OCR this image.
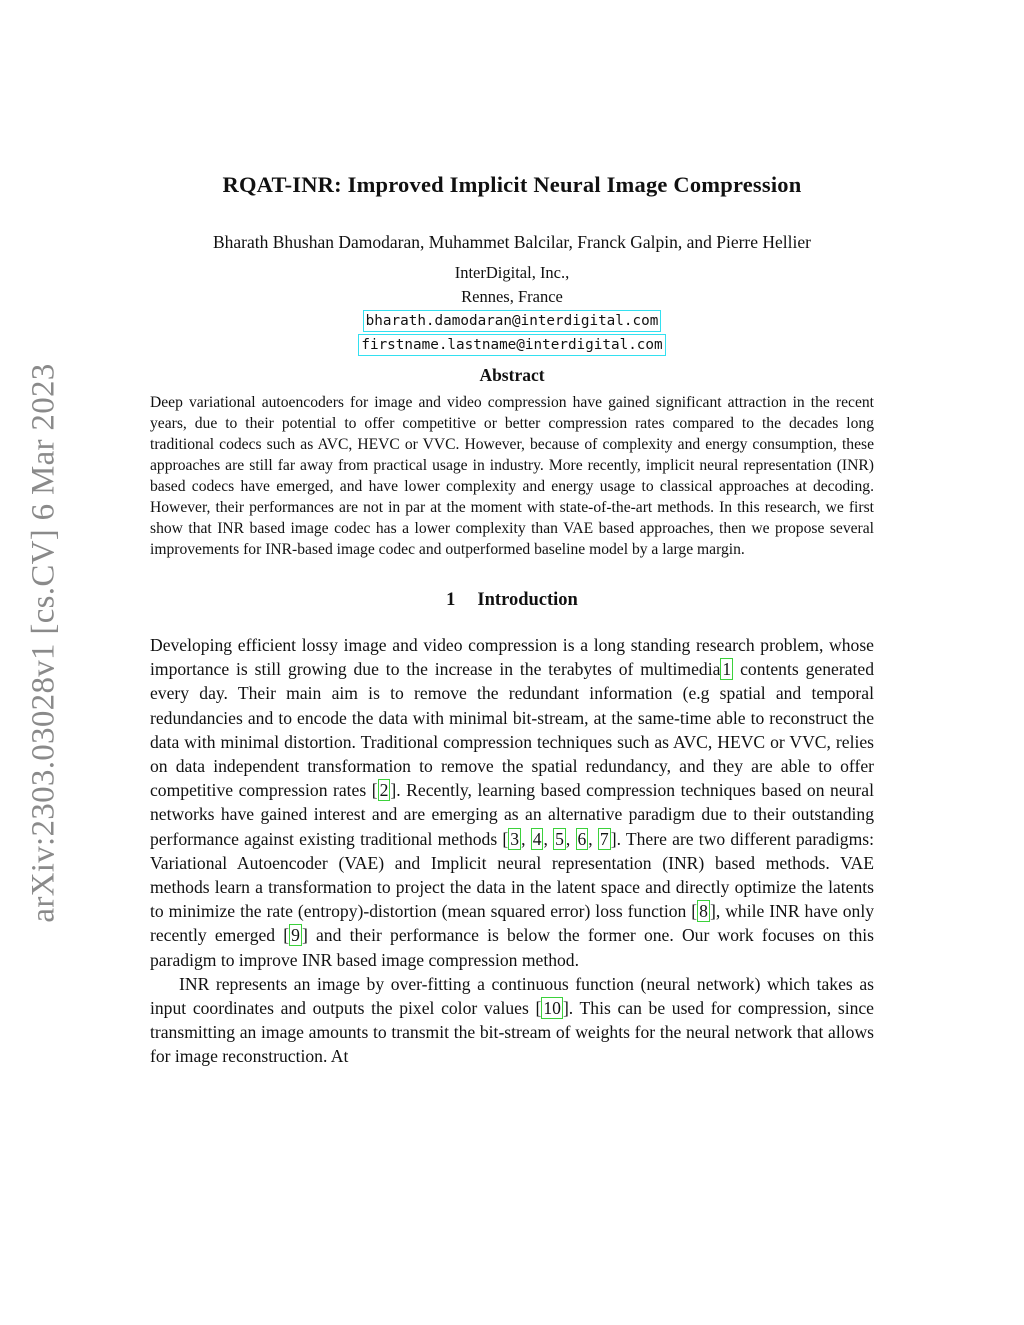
arXiv:2303.03028v1 [cs.CV] 6 Mar 2023
RQAT-INR: Improved Implicit Neural Image Compression
Bharath Bhushan Damodaran, Muhammet Balcilar, Franck Galpin, and Pierre Hellier
InterDigital, Inc.,
Rennes, France
bharath.damodaran@interdigital.com
firstname.lastname@interdigital.com
Abstract
Deep variational autoencoders for image and video compression have gained significant attraction in the recent years, due to their potential to offer competitive or better compression rates compared to the decades long traditional codecs such as AVC, HEVC or VVC. However, because of complexity and energy consumption, these approaches are still far away from practical usage in industry. More recently, implicit neural representation (INR) based codecs have emerged, and have lower complexity and energy usage to classical approaches at decoding. However, their performances are not in par at the moment with state-of-the-art methods. In this research, we first show that INR based image codec has a lower complexity than VAE based approaches, then we propose several improvements for INR-based image codec and outperformed baseline model by a large margin.
1 Introduction

Developing efficient lossy image and video compression is a long standing research problem, whose importance is still growing due to the increase in the terabytes of multimedia 1 contents generated every day. Their main aim is to remove the redundant information (e.g spatial and temporal redundancies and to encode the data with minimal bit-stream, at the same-time able to reconstruct the data with minimal distortion. Traditional compression techniques such as AVC, HEVC or VVC, relies on data independent transformation to remove the spatial redundancy, and they are able to offer competitive compression rates [ 2 ]. Recently, learning based compression techniques based on neural networks have gained interest and are emerging as an alternative paradigm due to their outstanding performance against existing traditional methods [ 3 , 4 , 5 , 6 , 7 ]. There are two different paradigms: Variational Autoencoder (VAE) and Implicit neural representation (INR) based methods. VAE methods learn a transformation to project the data in the latent space and directly optimize the latents to minimize the rate (entropy)-distortion (mean squared error) loss function [ 8 ], while INR have only recently emerged [ 9 ] and their performance is below the former one. Our work focuses on this paradigm to improve INR based image compression method.

INR represents an image by over-fitting a continuous function (neural network) which takes as input coordinates and outputs the pixel color values [ 10 ]. This can be used for compression, since transmitting an image amounts to transmit the bit-stream of weights for the neural network that allows for image reconstruction. At
